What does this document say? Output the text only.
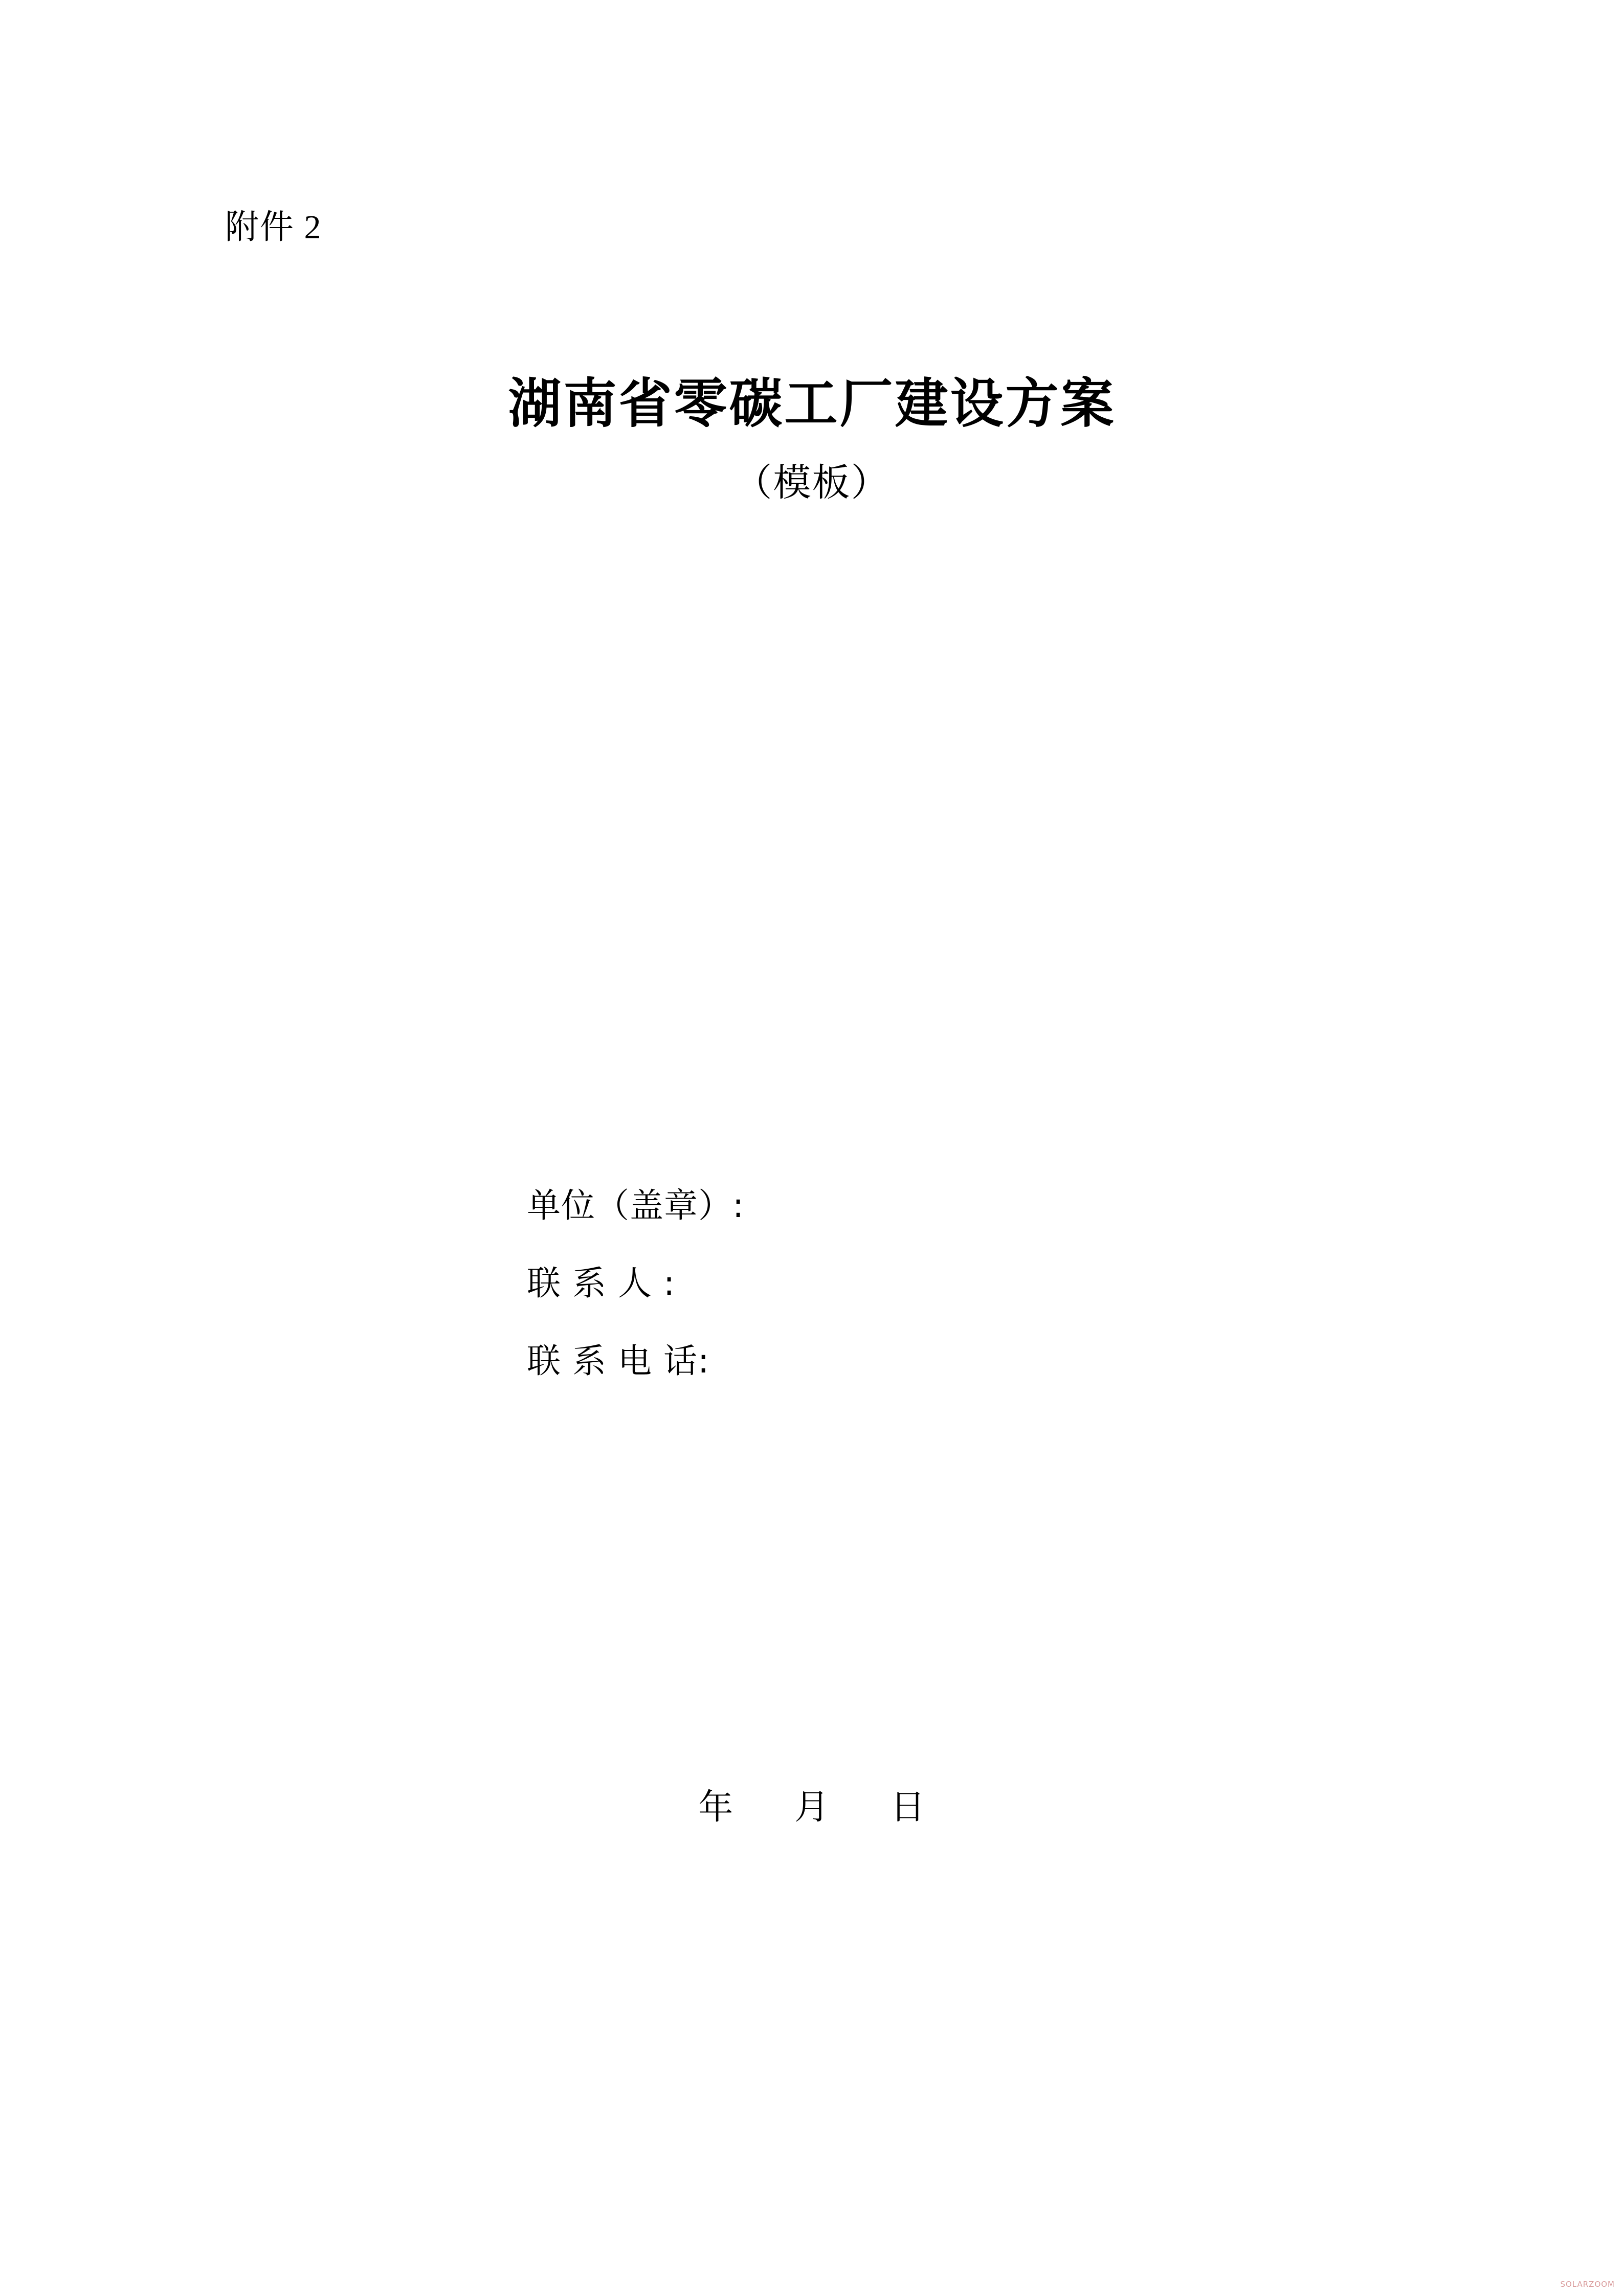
附件 2
湖南省零碳工厂建设方案
（模板）
单位（盖章）:
联 系 人 :
联 系 电 话:
年 月 日
SOLARZOOM
